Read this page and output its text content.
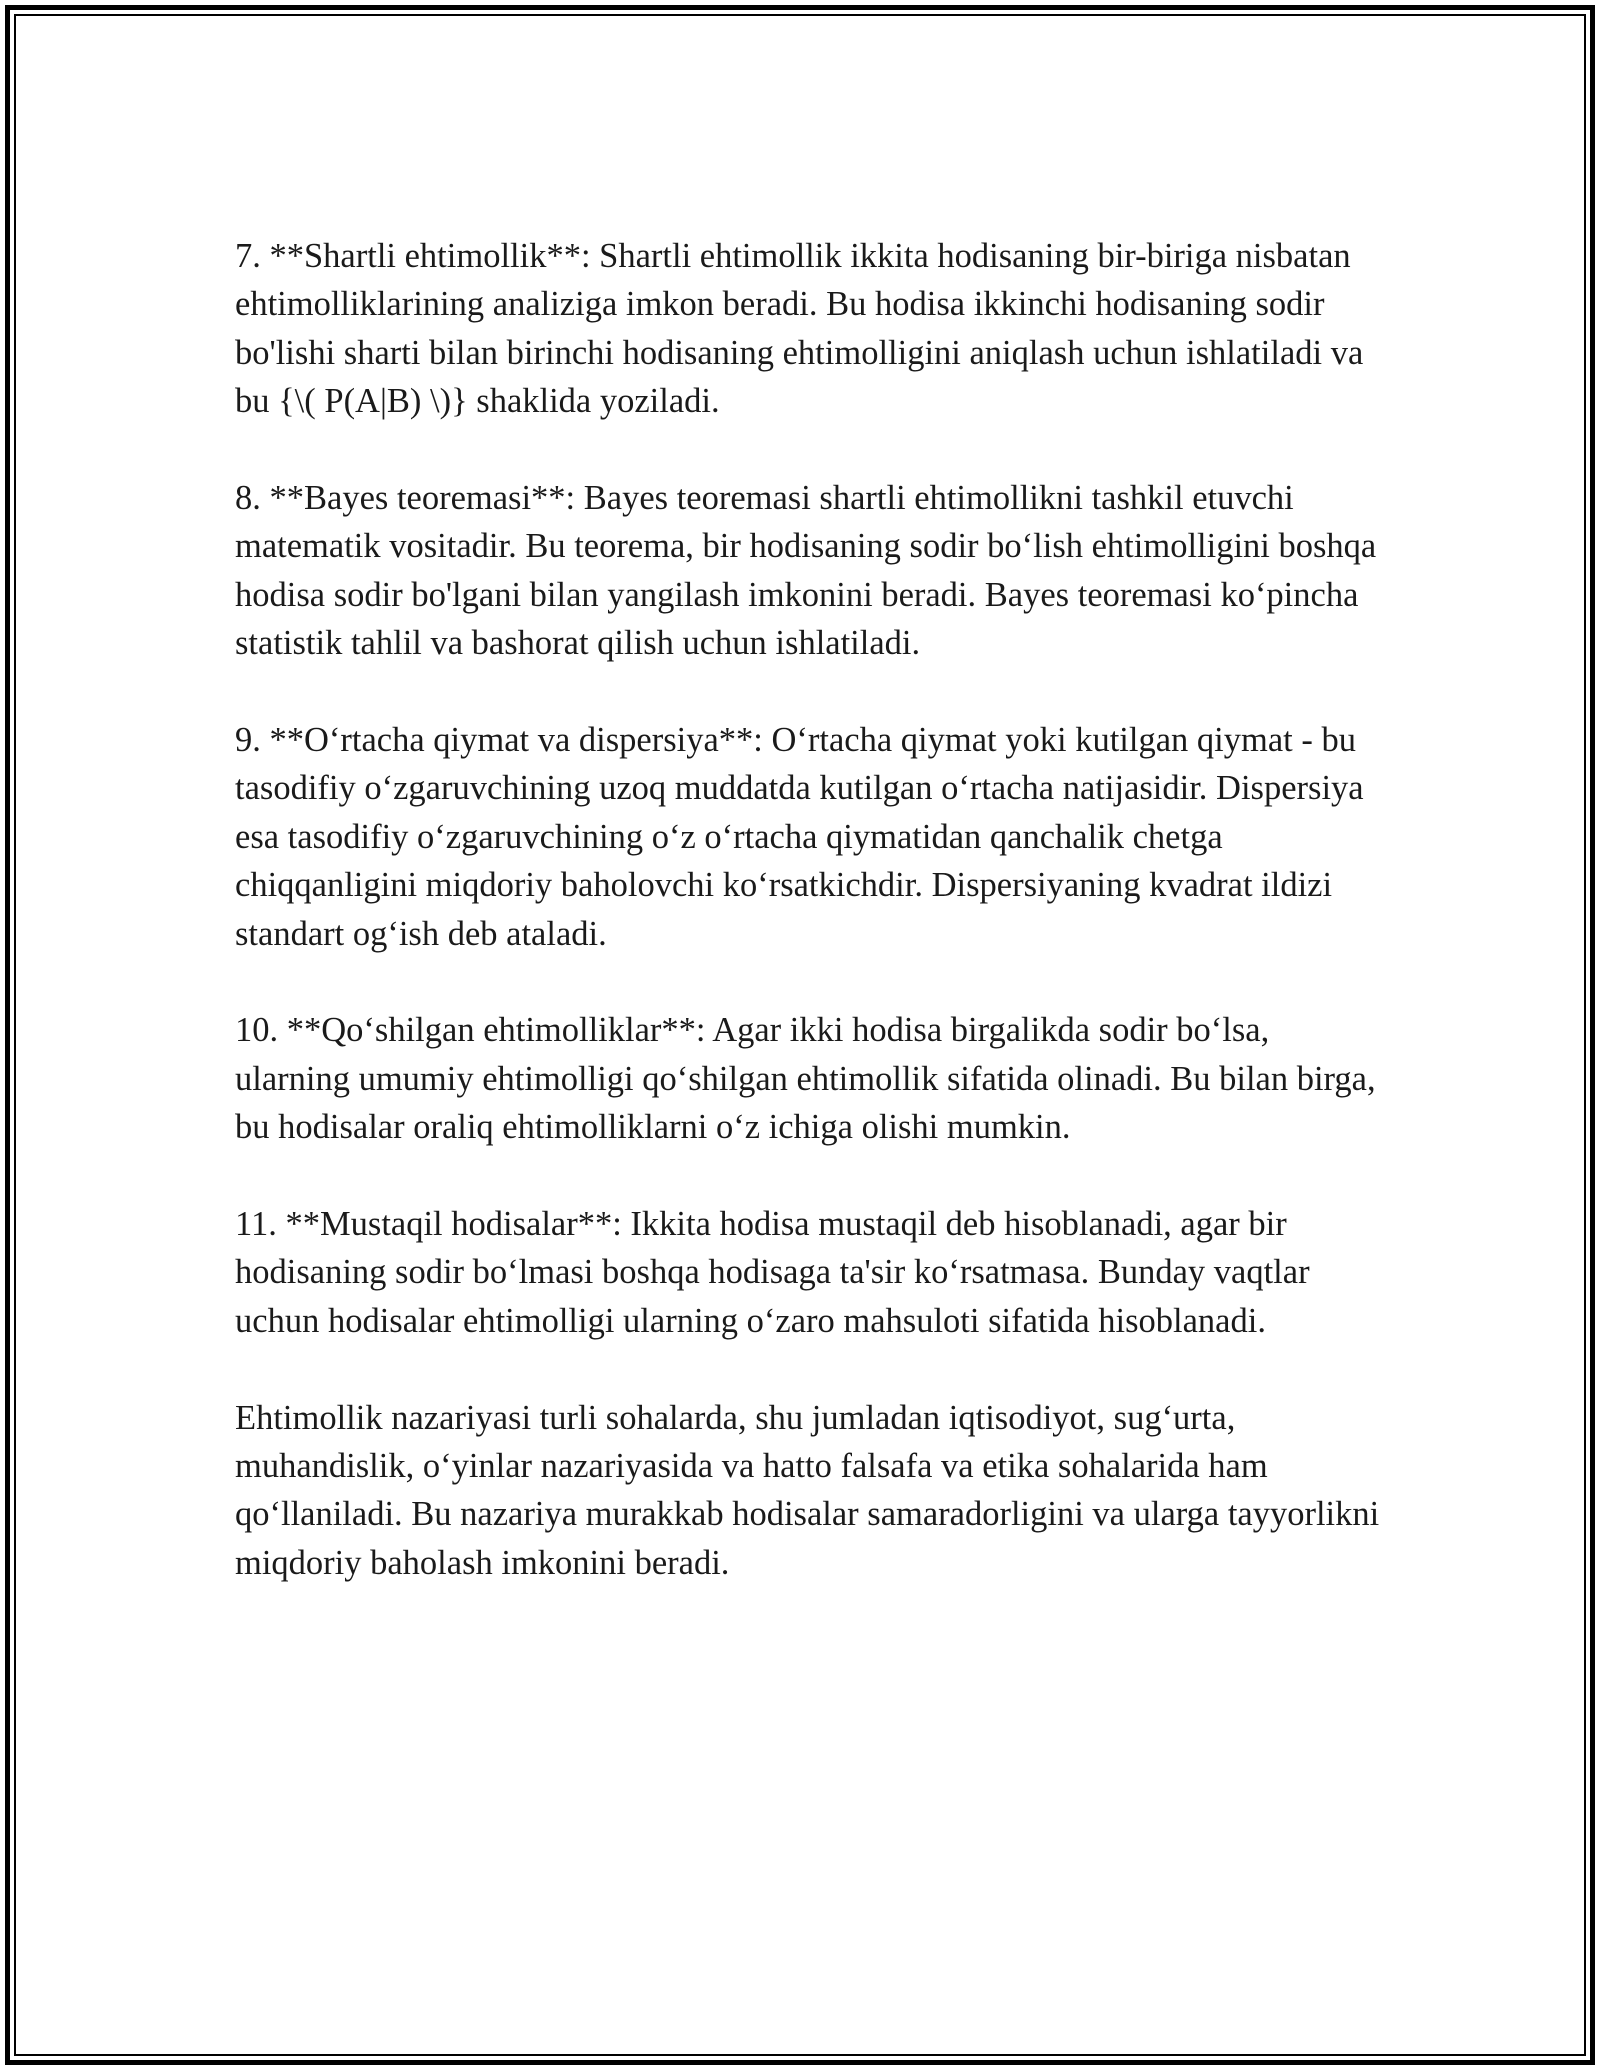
7. **Shartli ehtimollik**: Shartli ehtimollik ikkita hodisaning bir-biriga nisbatan ehtimolliklarining analiziga imkon beradi. Bu hodisa ikkinchi hodisaning sodir bo'lishi sharti bilan birinchi hodisaning ehtimolligini aniqlash uchun ishlatiladi va bu {\( P(A|B) \)} shaklida yoziladi.

8. **Bayes teoremasi**: Bayes teoremasi shartli ehtimollikni tashkil etuvchi matematik vositadir. Bu teorema, bir hodisaning sodir bo‘lish ehtimolligini boshqa hodisa sodir bo'lgani bilan yangilash imkonini beradi. Bayes teoremasi ko‘pincha statistik tahlil va bashorat qilish uchun ishlatiladi.

9. **O‘rtacha qiymat va dispersiya**: O‘rtacha qiymat yoki kutilgan qiymat - bu tasodifiy o‘zgaruvchining uzoq muddatda kutilgan o‘rtacha natijasidir. Dispersiya esa tasodifiy o‘zgaruvchining o‘z o‘rtacha qiymatidan qanchalik chetga chiqqanligini miqdoriy baholovchi ko‘rsatkichdir. Dispersiyaning kvadrat ildizi standart og‘ish deb ataladi.

10. **Qo‘shilgan ehtimolliklar**: Agar ikki hodisa birgalikda sodir bo‘lsa, ularning umumiy ehtimolligi qo‘shilgan ehtimollik sifatida olinadi. Bu bilan birga, bu hodisalar oraliq ehtimolliklarni o‘z ichiga olishi mumkin.

11. **Mustaqil hodisalar**: Ikkita hodisa mustaqil deb hisoblanadi, agar bir hodisaning sodir bo‘lmasi boshqa hodisaga ta'sir ko‘rsatmasa. Bunday vaqtlar uchun hodisalar ehtimolligi ularning o‘zaro mahsuloti sifatida hisoblanadi.

Ehtimollik nazariyasi turli sohalarda, shu jumladan iqtisodiyot, sug‘urta, muhandislik, o‘yinlar nazariyasida va hatto falsafa va etika sohalarida ham qo‘llaniladi. Bu nazariya murakkab hodisalar samaradorligini va ularga tayyorlikni miqdoriy baholash imkonini beradi.
